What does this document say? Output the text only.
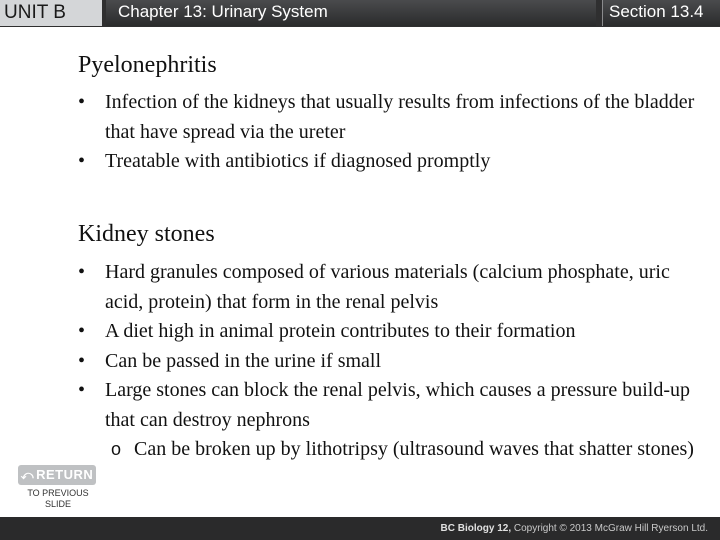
UNIT B	Chapter 13: Urinary System	Section 13.4
Pyelonephritis
• Infection of the kidneys that usually results from infections of the bladder that have spread via the ureter
• Treatable with antibiotics if diagnosed promptly
Kidney stones
• Hard granules composed of various materials (calcium phosphate, uric acid, protein) that form in the renal pelvis
• A diet high in animal protein contributes to their formation
• Can be passed in the urine if small
• Large stones can block the renal pelvis, which causes a pressure build-up that can destroy nephrons
o Can be broken up by lithotripsy (ultrasound waves that shatter stones)
⤺ RETURN
TO PREVIOUS SLIDE
BC Biology 12, Copyright © 2013 McGraw Hill Ryerson Ltd.
